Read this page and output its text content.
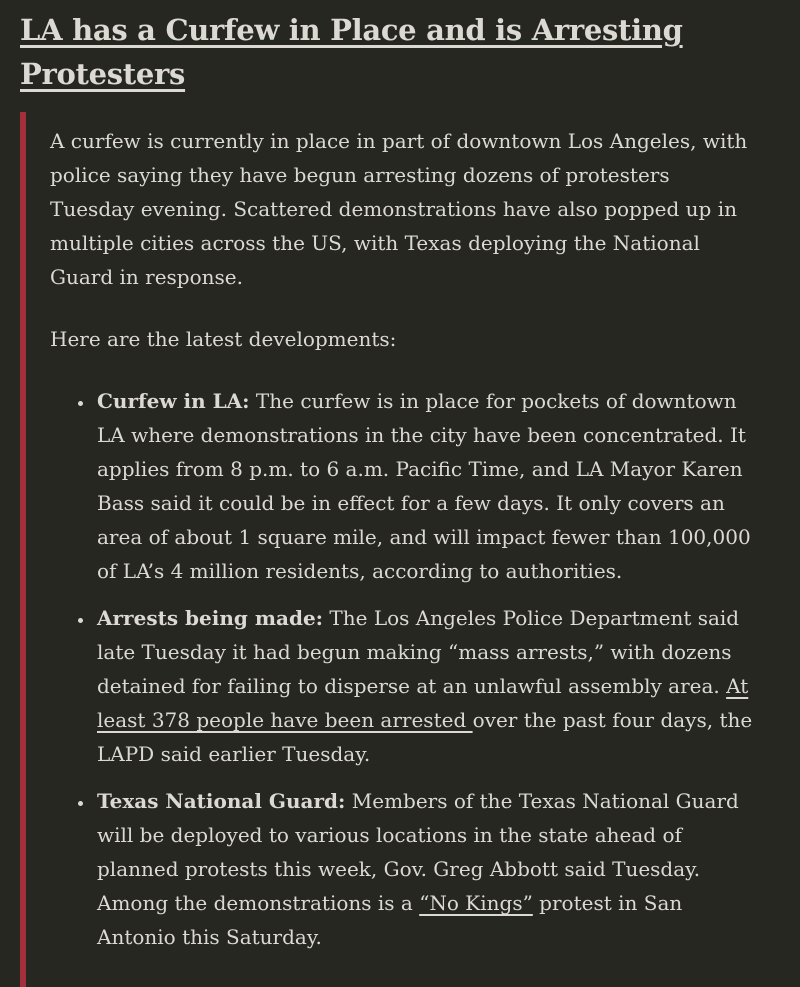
LA has a Curfew in Place and is Arresting Protesters

A curfew is currently in place in part of downtown Los Angeles, with police saying they have begun arresting dozens of protesters Tuesday evening. Scattered demonstrations have also popped up in multiple cities across the US, with Texas deploying the National Guard in response.

Here are the latest developments:

• Curfew in LA: The curfew is in place for pockets of downtown LA where demonstrations in the city have been concentrated. It applies from 8 p.m. to 6 a.m. Pacific Time, and LA Mayor Karen Bass said it could be in effect for a few days. It only covers an area of about 1 square mile, and will impact fewer than 100,000 of LA’s 4 million residents, according to authorities.
• Arrests being made: The Los Angeles Police Department said late Tuesday it had begun making “mass arrests,” with dozens detained for failing to disperse at an unlawful assembly area. At least 378 people have been arrested over the past four days, the LAPD said earlier Tuesday.
• Texas National Guard: Members of the Texas National Guard will be deployed to various locations in the state ahead of planned protests this week, Gov. Greg Abbott said Tuesday. Among the demonstrations is a “No Kings” protest in San Antonio this Saturday.
